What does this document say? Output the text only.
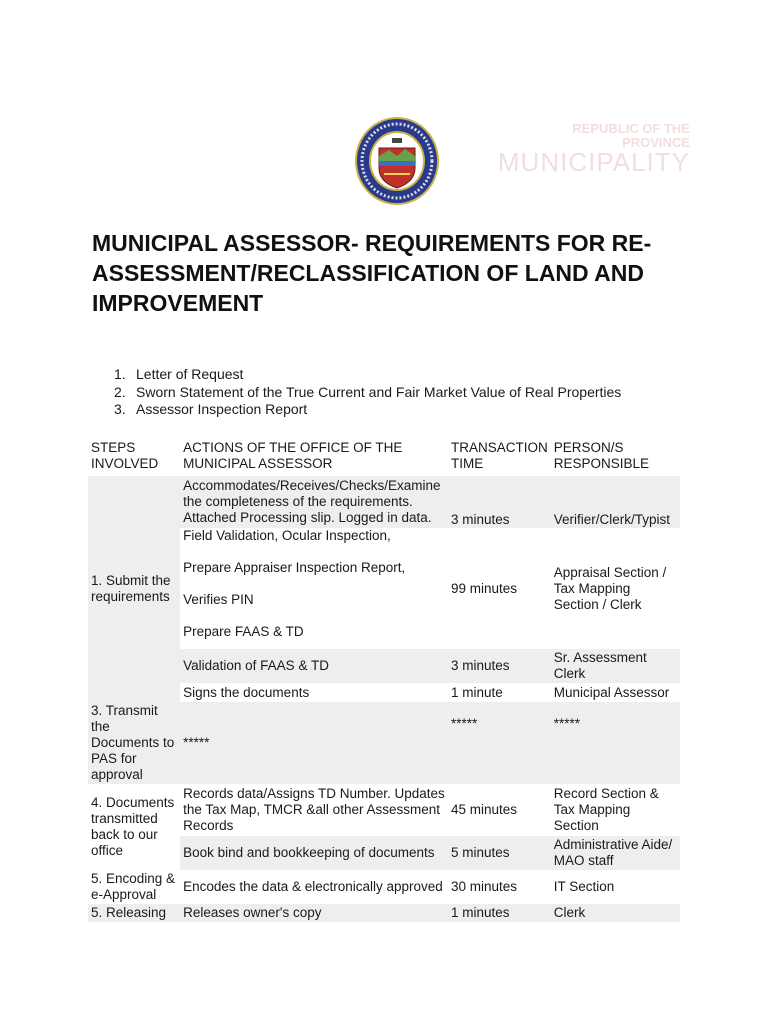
REPUBLIC OF THE
PROVINCE
MUNICIPALITY
MUNICIPAL ASSESSOR- REQUIREMENTS FOR RE-ASSESSMENT/RECLASSIFICATION OF LAND AND IMPROVEMENT
1. Letter of Request
2. Sworn Statement of the True Current and Fair Market Value of Real Properties
3. Assessor Inspection Report
STEPS INVOLVED	ACTIONS OF THE OFFICE OF THE MUNICIPAL ASSESSOR	TRANSACTION TIME	PERSON/S RESPONSIBLE
1. Submit the requirements	Accommodates/Receives/Checks/Examine the completeness of the requirements. Attached Processing slip. Logged in data.	3 minutes	Verifier/Clerk/Typist
	Field Validation, Ocular Inspection,
Prepare Appraiser Inspection Report,
Verifies PIN
Prepare FAAS & TD	99 minutes	Appraisal Section / Tax Mapping Section / Clerk
	Validation of FAAS & TD	3 minutes	Sr. Assessment Clerk
	Signs the documents	1 minute	Municipal Assessor
3. Transmit the Documents to PAS for approval	*****	*****	*****
4. Documents transmitted back to our office	Records data/Assigns TD Number. Updates the Tax Map, TMCR &all other Assessment Records	45 minutes	Record Section & Tax Mapping Section
	Book bind and bookkeeping of documents	5 minutes	Administrative Aide/ MAO staff
5. Encoding & e-Approval	Encodes the data & electronically approved	30 minutes	IT Section
5. Releasing	Releases owner's copy	1 minutes	Clerk
